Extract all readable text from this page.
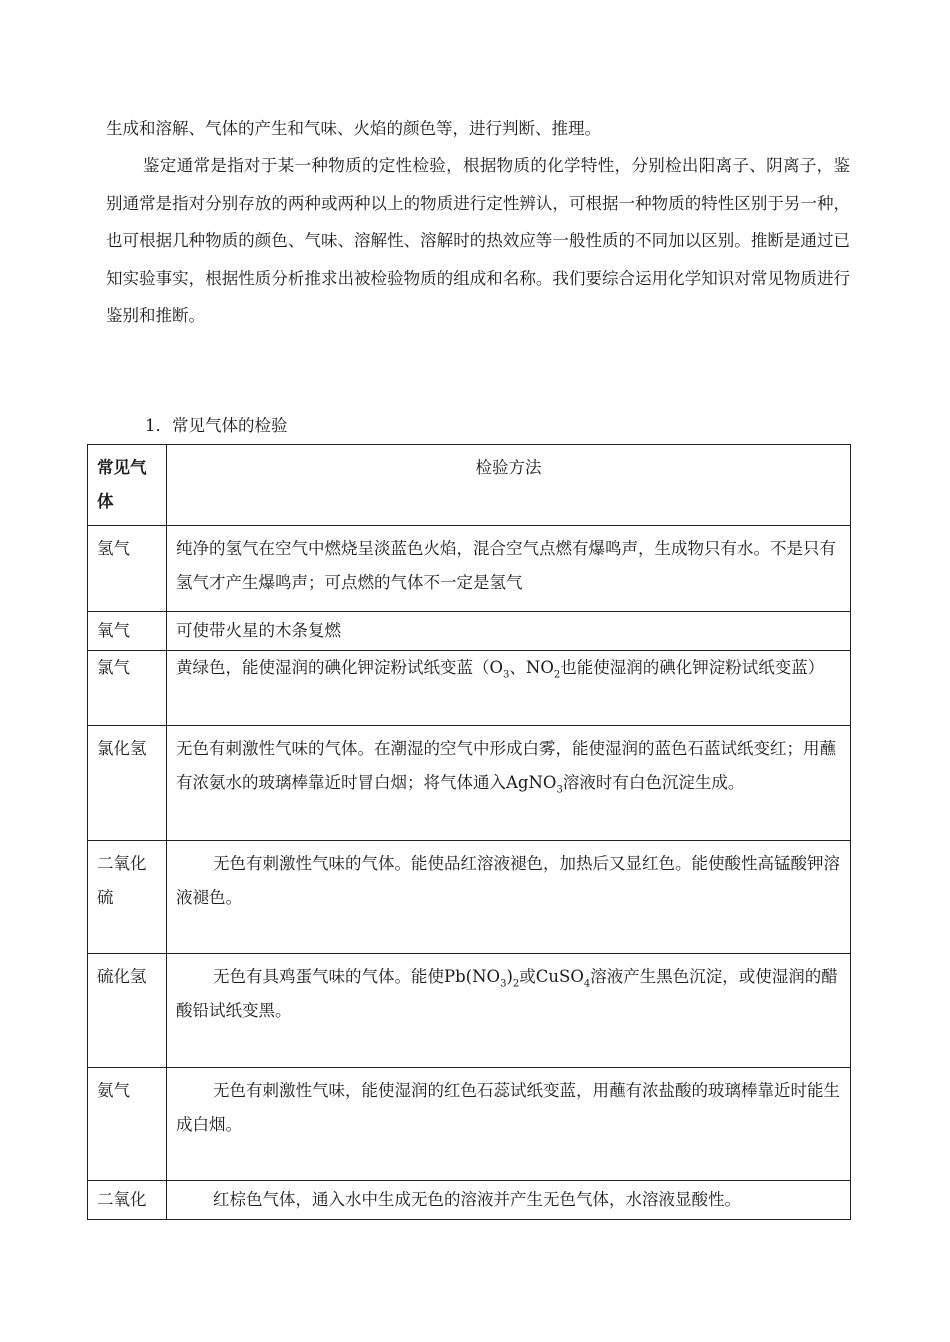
生成和溶解、气体的产生和气味、火焰的颜色等，进行判断、推理。

鉴定通常是指对于某一种物质的定性检验，根据物质的化学特性，分别检出阳离子、阴离子，鉴别通常是指对分别存放的两种或两种以上的物质进行定性辨认，可根据一种物质的特性区别于另一种，也可根据几种物质的颜色、气味、溶解性、溶解时的热效应等一般性质的不同加以区别。推断是通过已知实验事实，根据性质分析推求出被检验物质的组成和名称。我们要综合运用化学知识对常见物质进行鉴别和推断。

1．常见气体的检验
常见气体	检验方法
氢气	纯净的氢气在空气中燃烧呈淡蓝色火焰，混合空气点燃有爆鸣声，生成物只有水。不是只有氢气才产生爆鸣声；可点燃的气体不一定是氢气
氧气	可使带火星的木条复燃
氯气	黄绿色，能使湿润的碘化钾淀粉试纸变蓝（$O_3$、$NO_2$也能使湿润的碘化钾淀粉试纸变蓝）
氯化氢	无色有刺激性气味的气体。在潮湿的空气中形成白雾，能使湿润的蓝色石蓝试纸变红；用蘸有浓氨水的玻璃棒靠近时冒白烟；将气体通入AgNO$_3$溶液时有白色沉淀生成。
二氧化硫	无色有刺激性气味的气体。能使品红溶液褪色，加热后又显红色。能使酸性高锰酸钾溶液褪色。
硫化氢	无色有具鸡蛋气味的气体。能使$Pb(NO_3)_2$或CuSO$_4$溶液产生黑色沉淀，或使湿润的醋酸铅试纸变黑。
氨气	无色有刺激性气味，能使湿润的红色石蕊试纸变蓝，用蘸有浓盐酸的玻璃棒靠近时能生成白烟。
二氧化	红棕色气体，通入水中生成无色的溶液并产生无色气体，水溶液显酸性。
